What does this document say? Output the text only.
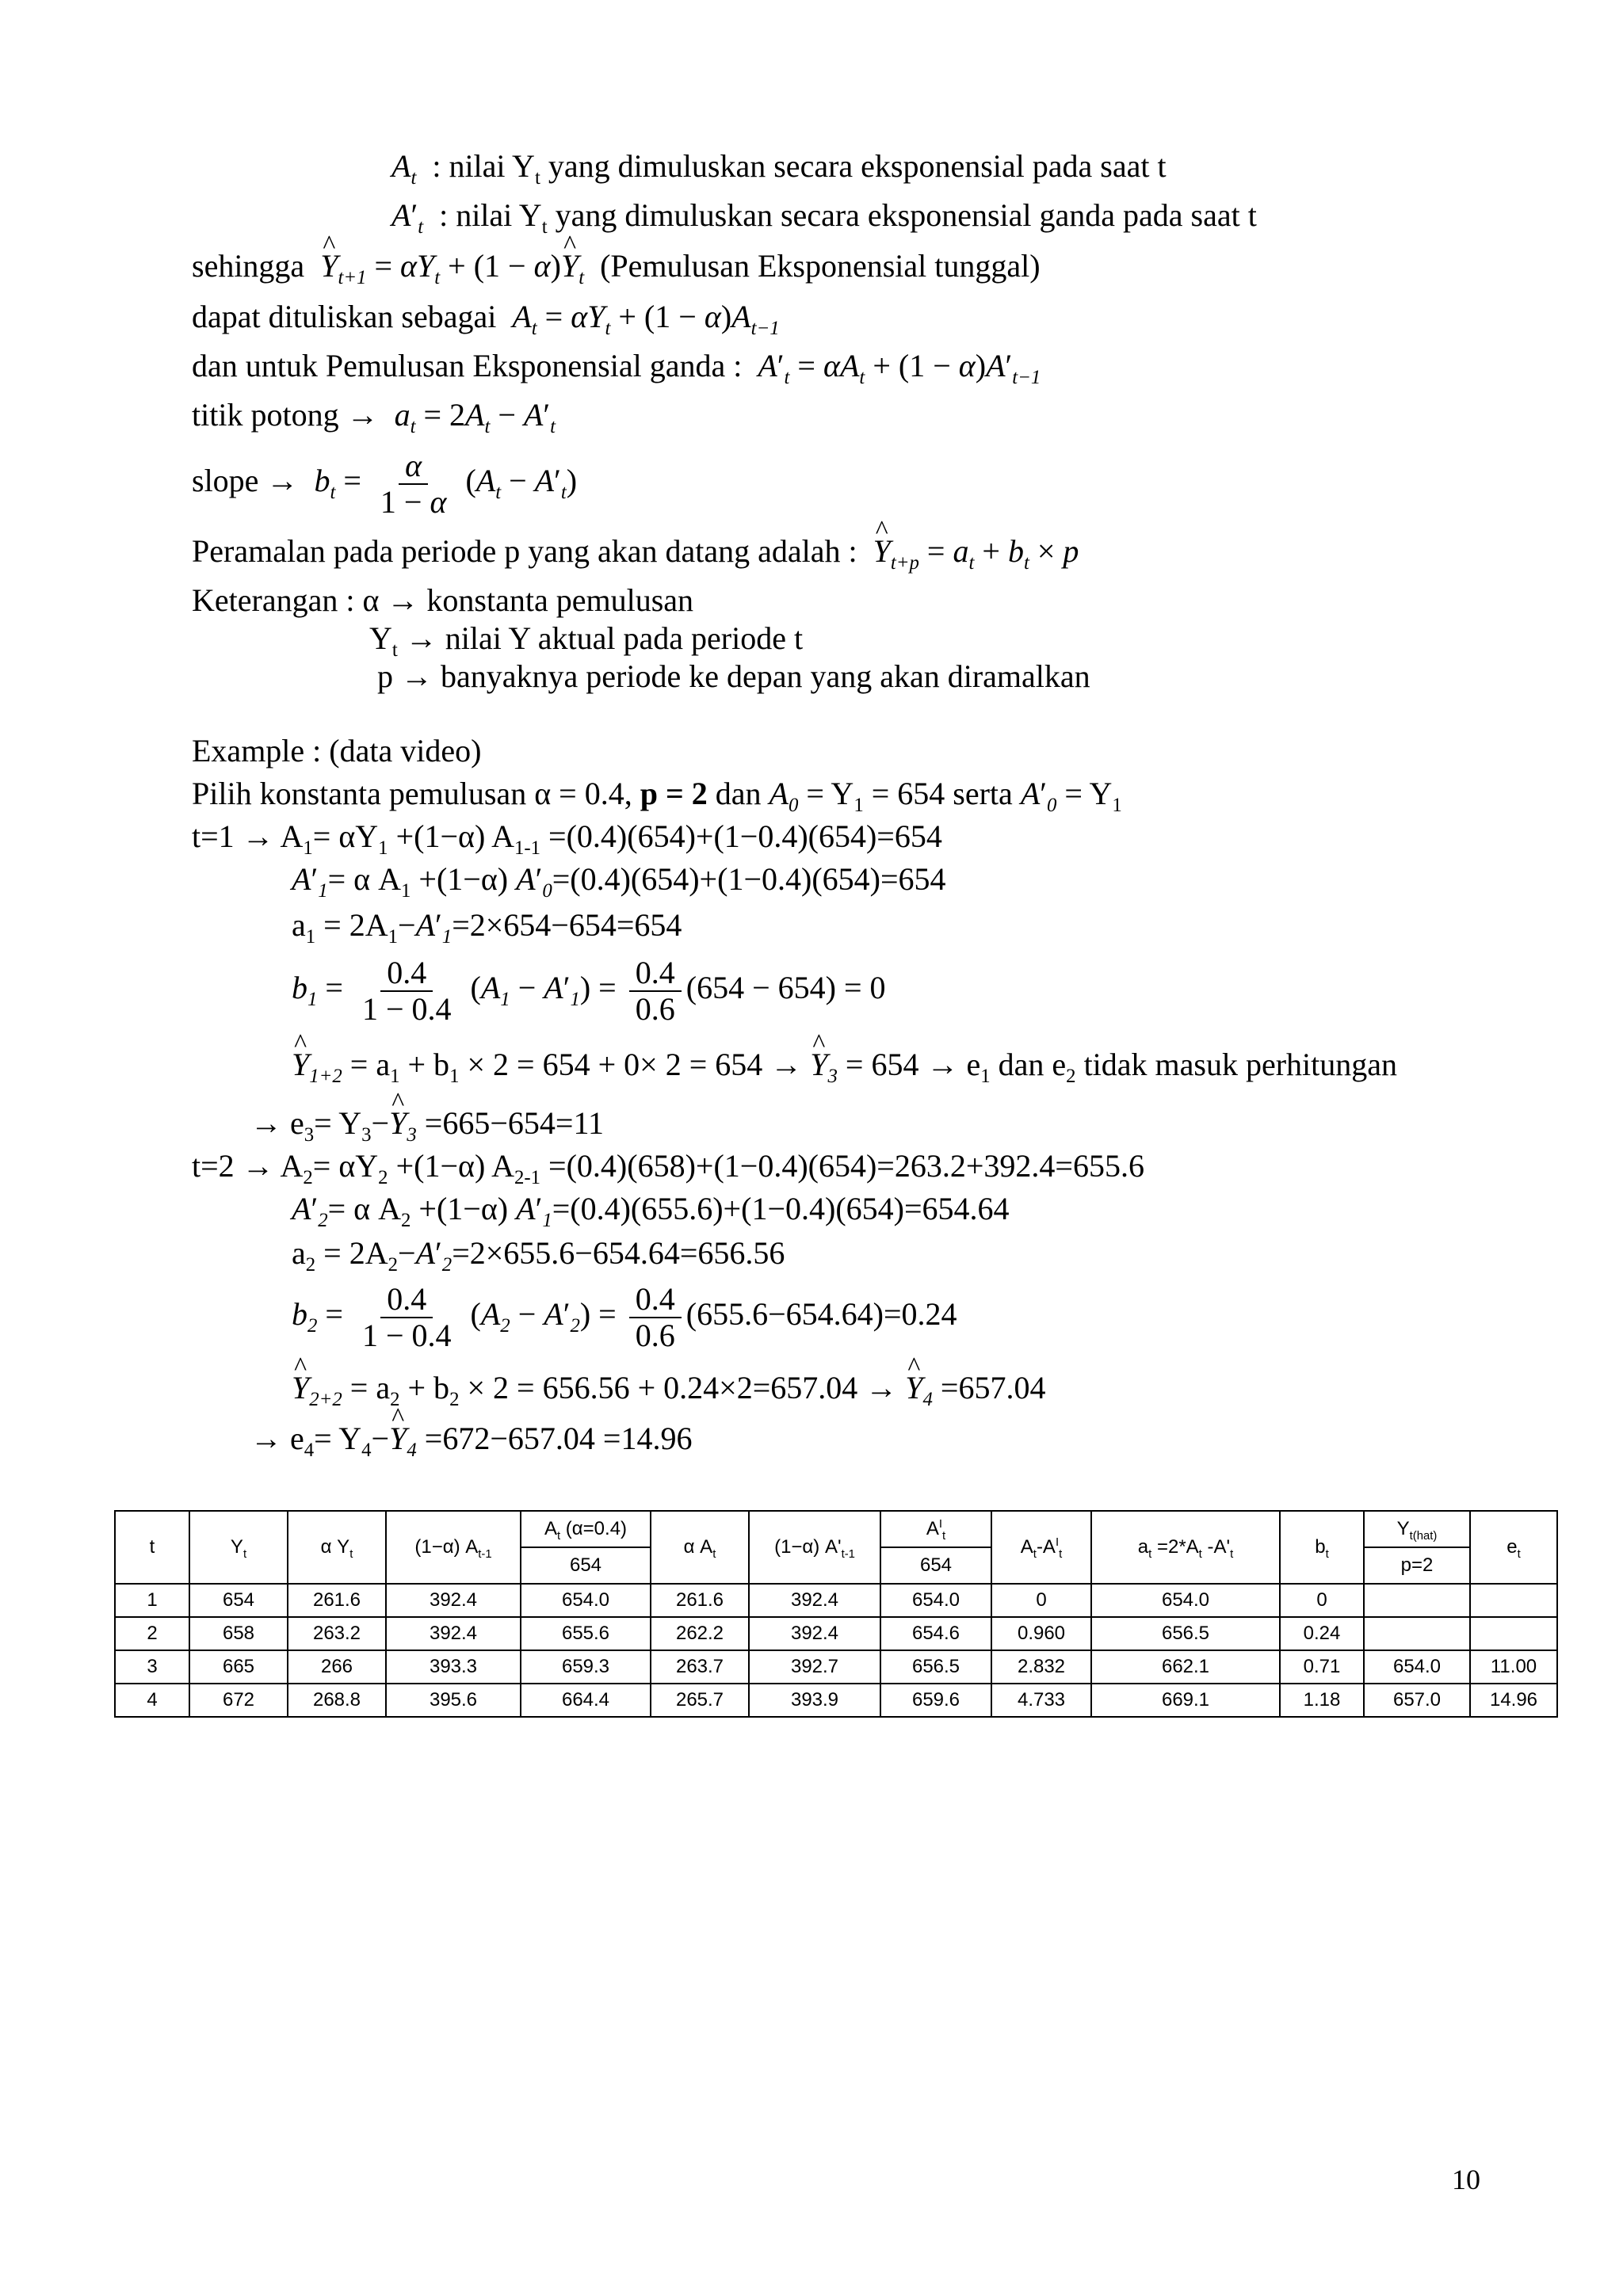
$A_t$ : nilai $Y_t$ yang dimuluskan secara eksponensial pada saat t
A ′ $_t$ : nilai $Y_t$ yang dimuluskan secara eksponensial ganda pada saat t
sehingga ^ $Y_{t+1} = \alpha Y_t + (1$ − α)^ $Y_t$ (Pemulusan Eksponensial tunggal)
dapat dituliskan sebagai $A_t = \alpha Y_t + (1 - \alpha)A_{t-1}$
dan untuk Pemulusan Eksponensial ganda : A ′ $_t = \alpha A_t + (1 - \alpha)A$ ′ $_{t-1}$
titik potong → $a_t = 2A_t - A$ ′ $_t$
slope → $b_t = \frac{\alpha}{1 - \alpha} (A_t - A$ ′ $_t$)
Peramalan pada periode p yang akan datang adalah : ^ $Y_{t+p} = a_t + b_t \times p$
Keterangan : α → konstanta pemulusan
$Y_t$ → nilai Y aktual pada periode t
p → banyaknya periode ke depan yang akan diramalkan
Example : (data video)
Pilih konstanta pemulusan α = 0.4, p = 2 dan $A_0 = Y_1 = 654$ serta A ′ $_0 = Y_1$
$t=1 \to A_1= \alpha Y_1 +(1-\alpha)$ $A_{1-1} =(0.4)(654)+(1-0.4)(654)=654$
A ′ $_1$= α $A_1 +(1-\alpha)$ A ′ $_0$=(0.4)(654)+(1−0.4)(654)=654
$a_1 = 2A_1-A$ ′ $_1$=2×654−654=654
$b_1 = \frac{0.4}{1 - 0.4} (A_1 - A$ ′ $_1) = \frac{0.4}{0.6} (654 - 654) = 0$
^ $Y_{1+2} = a_1 + b_1 \times 2 = 654 + 0\times 2 = 654$ → ^ $Y_3 = 654 \to e_1$ dan $e_2$ tidak masuk perhitungan
→ $e_3=$ $Y_3-\^{}$ $Y_3 =665-654=11$
$t=2 \to A_2= \alpha Y_2 +(1-\alpha)$ $A_{2-1} =(0.4)(658)+(1-0.4)(654)=263.2+392.4=655.6$
A ′ $_2$= α $A_2 +(1-\alpha)$ A ′ $_1$=(0.4)(655.6)+(1−0.4)(654)=654.64
$a_2 = 2A_2-A$ ′ $_2$=2×655.6−654.64=656.56
$b_2 = \frac{0.4}{1 - 0.4} (A_2 - A$ ′ $_2) = \frac{0.4}{0.6} (655.6-654.64)=0.24$
^ $Y_{2+2} = a_2 + b_2 \times 2 = 656.56 + 0.24\times 2=657.04$ → ^ $Y_4 =657.04$
→ $e_4=$ $Y_4-\^{}$ $Y_4 =672-657.04 =14.96$
t	$Y_t$	α $Y_t$	(1−α) $A_{t-1}$	$A_t$ (α=0.4)	α $A_t$	(1−α) $A'_{t-1}$	$A^I_t$	$A_t-A^I_t$	$a_t =2*A_t$ $-A'_t$	$b_t$	$Y_{t(hat)}$	$e_t$
				654			654				p=2	
1	654	261.6	392.4	654.0	261.6	392.4	654.0	0	654.0	0		
2	658	263.2	392.4	655.6	262.2	392.4	654.6	0.960	656.5	0.24		
3	665	266	393.3	659.3	263.7	392.7	656.5	2.832	662.1	0.71	654.0	11.00
4	672	268.8	395.6	664.4	265.7	393.9	659.6	4.733	669.1	1.18	657.0	14.96
10
